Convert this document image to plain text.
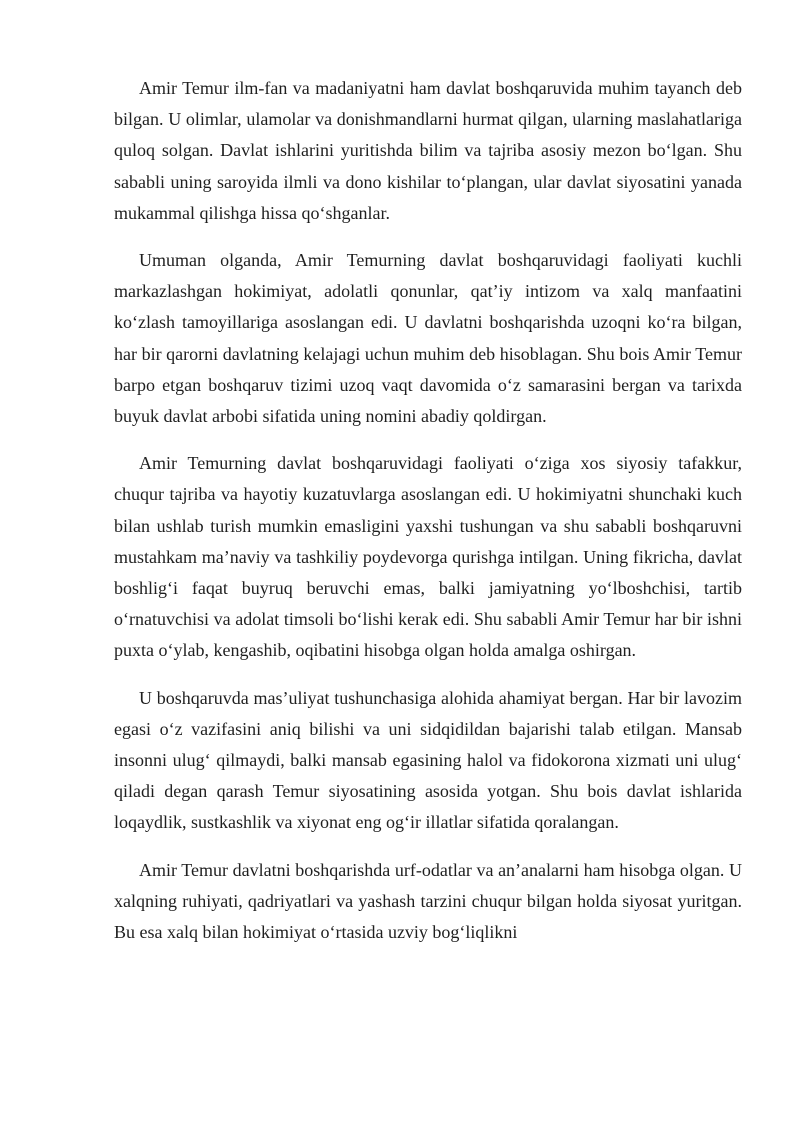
Amir Temur ilm-fan va madaniyatni ham davlat boshqaruvida muhim tayanch deb bilgan. U olimlar, ulamolar va donishmandlarni hurmat qilgan, ularning maslahatlariga quloq solgan. Davlat ishlarini yuritishda bilim va tajriba asosiy mezon bo‘lgan. Shu sababli uning saroyida ilmli va dono kishilar to‘plangan, ular davlat siyosatini yanada mukammal qilishga hissa qo‘shganlar.

Umuman olganda, Amir Temurning davlat boshqaruvidagi faoliyati kuchli markazlashgan hokimiyat, adolatli qonunlar, qat’iy intizom va xalq manfaatini ko‘zlash tamoyillariga asoslangan edi. U davlatni boshqarishda uzoqni ko‘ra bilgan, har bir qarorni davlatning kelajagi uchun muhim deb hisoblagan. Shu bois Amir Temur barpo etgan boshqaruv tizimi uzoq vaqt davomida o‘z samarasini bergan va tarixda buyuk davlat arbobi sifatida uning nomini abadiy qoldirgan.

Amir Temurning davlat boshqaruvidagi faoliyati o‘ziga xos siyosiy tafakkur, chuqur tajriba va hayotiy kuzatuvlarga asoslangan edi. U hokimiyatni shunchaki kuch bilan ushlab turish mumkin emasligini yaxshi tushungan va shu sababli boshqaruvni mustahkam ma’naviy va tashkiliy poydevorga qurishga intilgan. Uning fikricha, davlat boshlig‘i faqat buyruq beruvchi emas, balki jamiyatning yo‘lboshchisi, tartib o‘rnatuvchisi va adolat timsoli bo‘lishi kerak edi. Shu sababli Amir Temur har bir ishni puxta o‘ylab, kengashib, oqibatini hisobga olgan holda amalga oshirgan.

U boshqaruvda mas’uliyat tushunchasiga alohida ahamiyat bergan. Har bir lavozim egasi o‘z vazifasini aniq bilishi va uni sidqidildan bajarishi talab etilgan. Mansab insonni ulug‘ qilmaydi, balki mansab egasining halol va fidokorona xizmati uni ulug‘ qiladi degan qarash Temur siyosatining asosida yotgan. Shu bois davlat ishlarida loqaydlik, sustkashlik va xiyonat eng og‘ir illatlar sifatida qoralangan.

Amir Temur davlatni boshqarishda urf-odatlar va an’analarni ham hisobga olgan. U xalqning ruhiyati, qadriyatlari va yashash tarzini chuqur bilgan holda siyosat yuritgan. Bu esa xalq bilan hokimiyat o‘rtasida uzviy bog‘liqlikni
